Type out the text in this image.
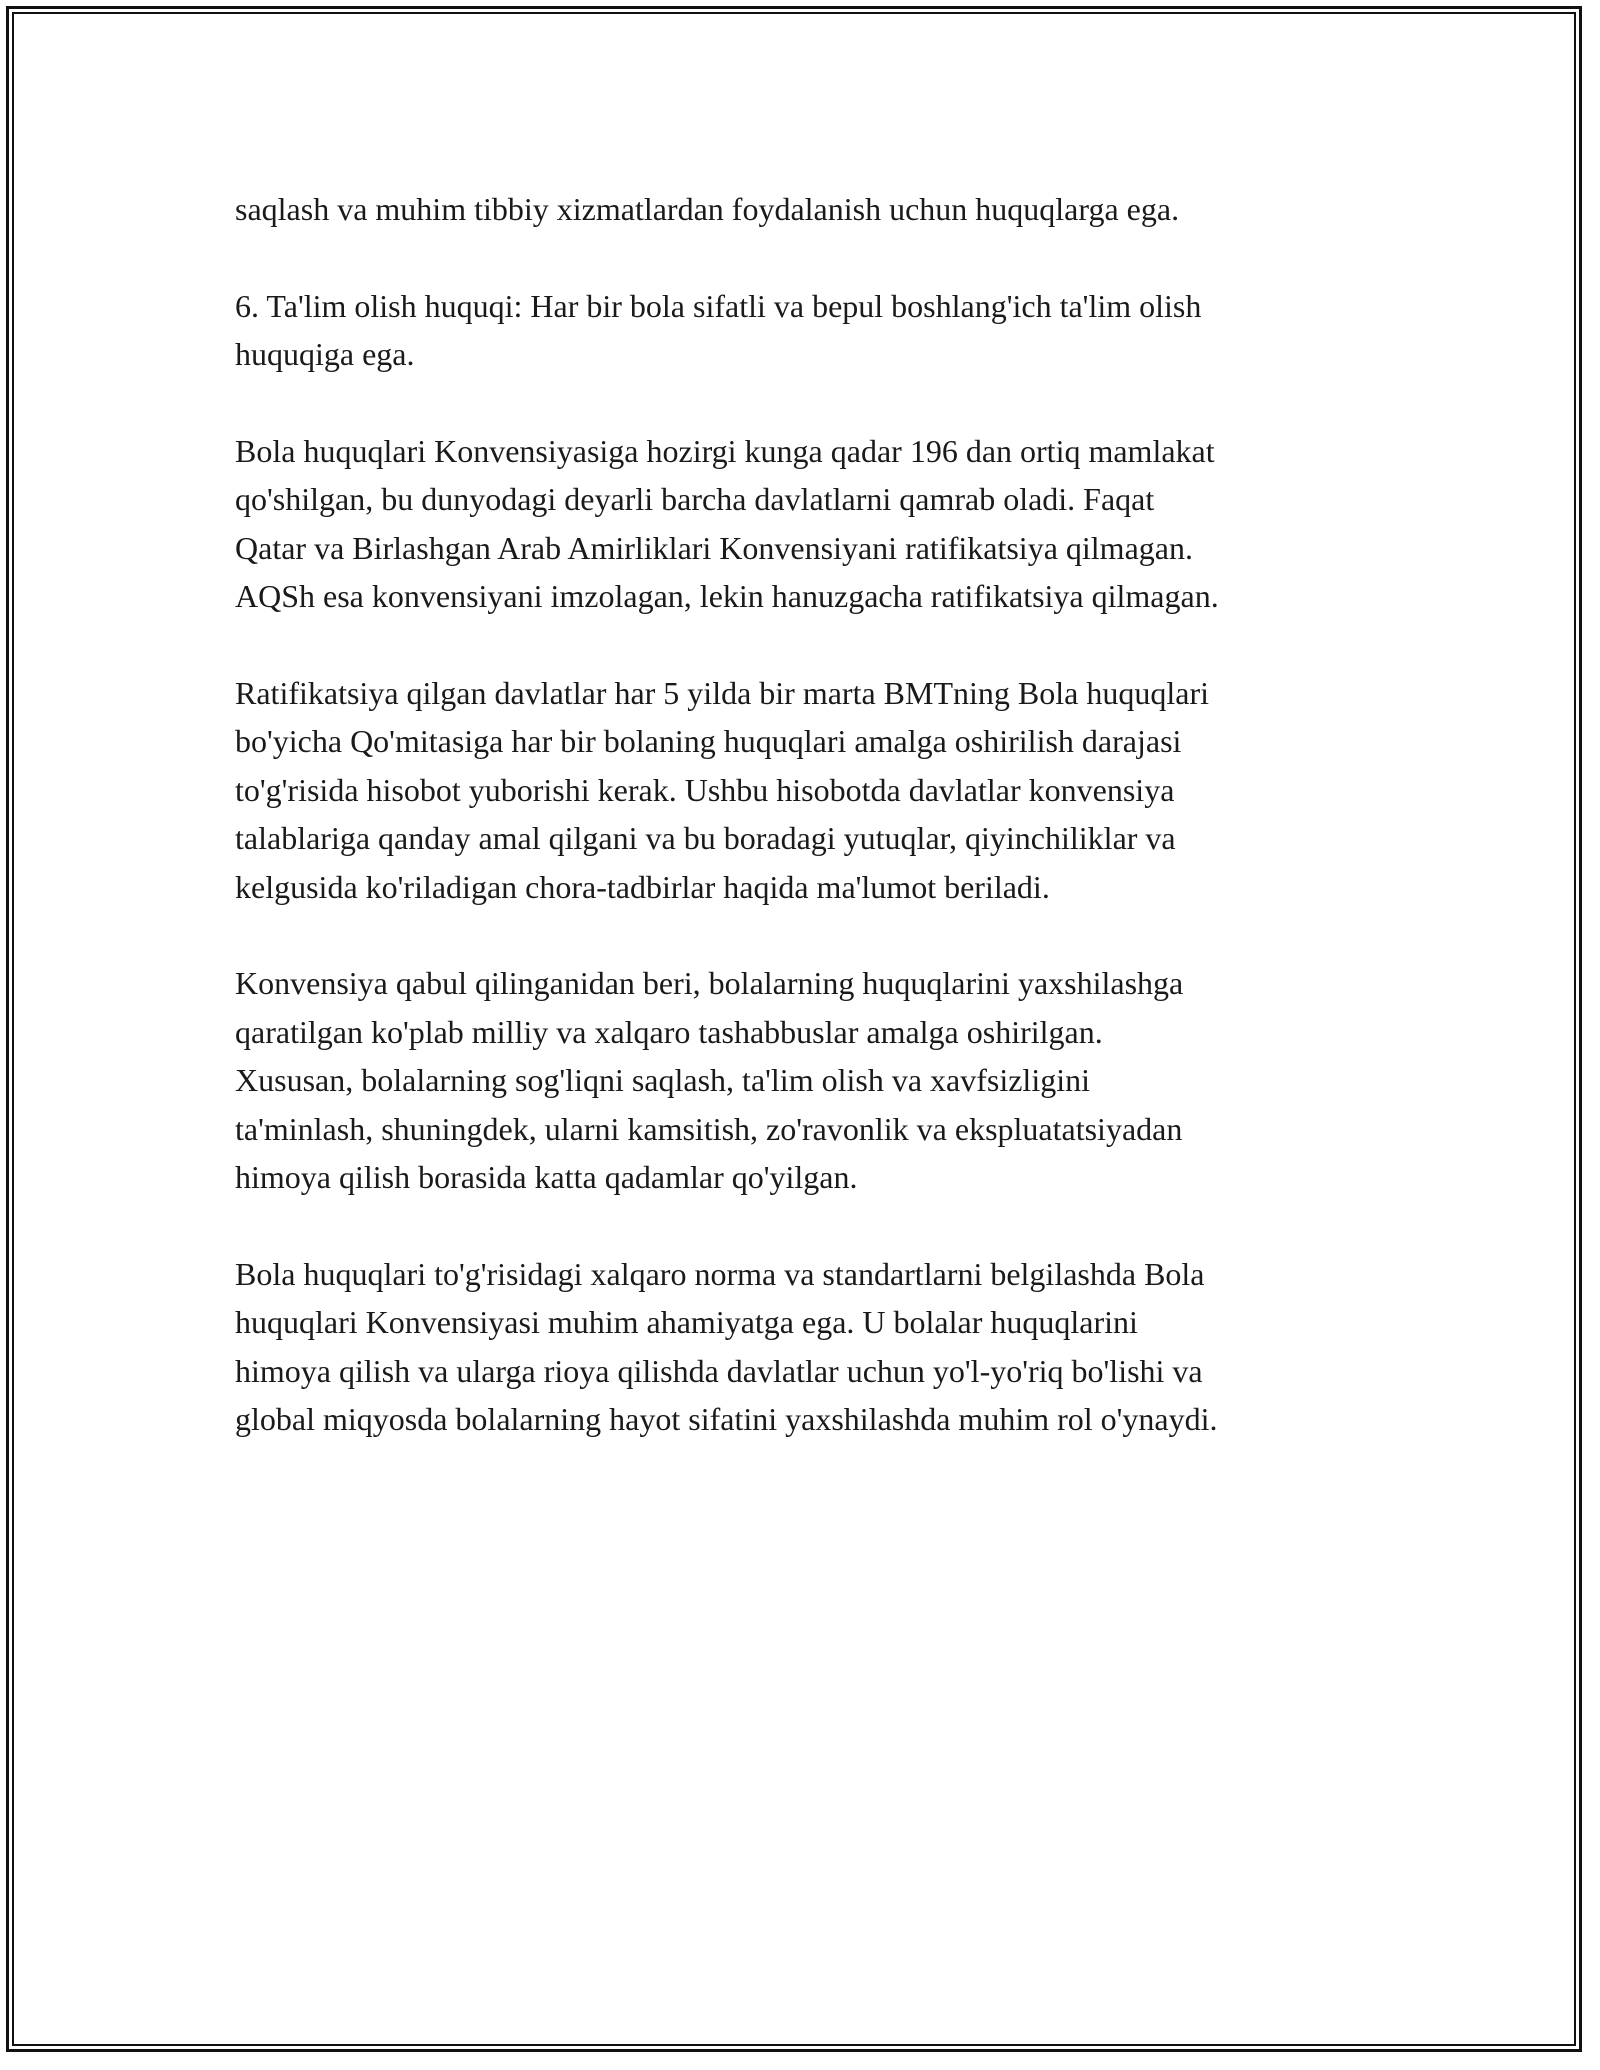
saqlash va muhim tibbiy xizmatlardan foydalanish uchun huquqlarga ega.

6. Ta'lim olish huquqi: Har bir bola sifatli va bepul boshlang'ich ta'lim olish
huquqiga ega.

Bola huquqlari Konvensiyasiga hozirgi kunga qadar 196 dan ortiq mamlakat
qo'shilgan, bu dunyodagi deyarli barcha davlatlarni qamrab oladi. Faqat
Qatar va Birlashgan Arab Amirliklari Konvensiyani ratifikatsiya qilmagan.
AQSh esa konvensiyani imzolagan, lekin hanuzgacha ratifikatsiya qilmagan.

Ratifikatsiya qilgan davlatlar har 5 yilda bir marta BMTning Bola huquqlari
bo'yicha Qo'mitasiga har bir bolaning huquqlari amalga oshirilish darajasi
to'g'risida hisobot yuborishi kerak. Ushbu hisobotda davlatlar konvensiya
talablariga qanday amal qilgani va bu boradagi yutuqlar, qiyinchiliklar va
kelgusida ko'riladigan chora-tadbirlar haqida ma'lumot beriladi.

Konvensiya qabul qilinganidan beri, bolalarning huquqlarini yaxshilashga
qaratilgan ko'plab milliy va xalqaro tashabbuslar amalga oshirilgan.
Xususan, bolalarning sog'liqni saqlash, ta'lim olish va xavfsizligini
ta'minlash, shuningdek, ularni kamsitish, zo'ravonlik va ekspluatatsiyadan
himoya qilish borasida katta qadamlar qo'yilgan.

Bola huquqlari to'g'risidagi xalqaro norma va standartlarni belgilashda Bola
huquqlari Konvensiyasi muhim ahamiyatga ega. U bolalar huquqlarini
himoya qilish va ularga rioya qilishda davlatlar uchun yo'l-yo'riq bo'lishi va
global miqyosda bolalarning hayot sifatini yaxshilashda muhim rol o'ynaydi.
